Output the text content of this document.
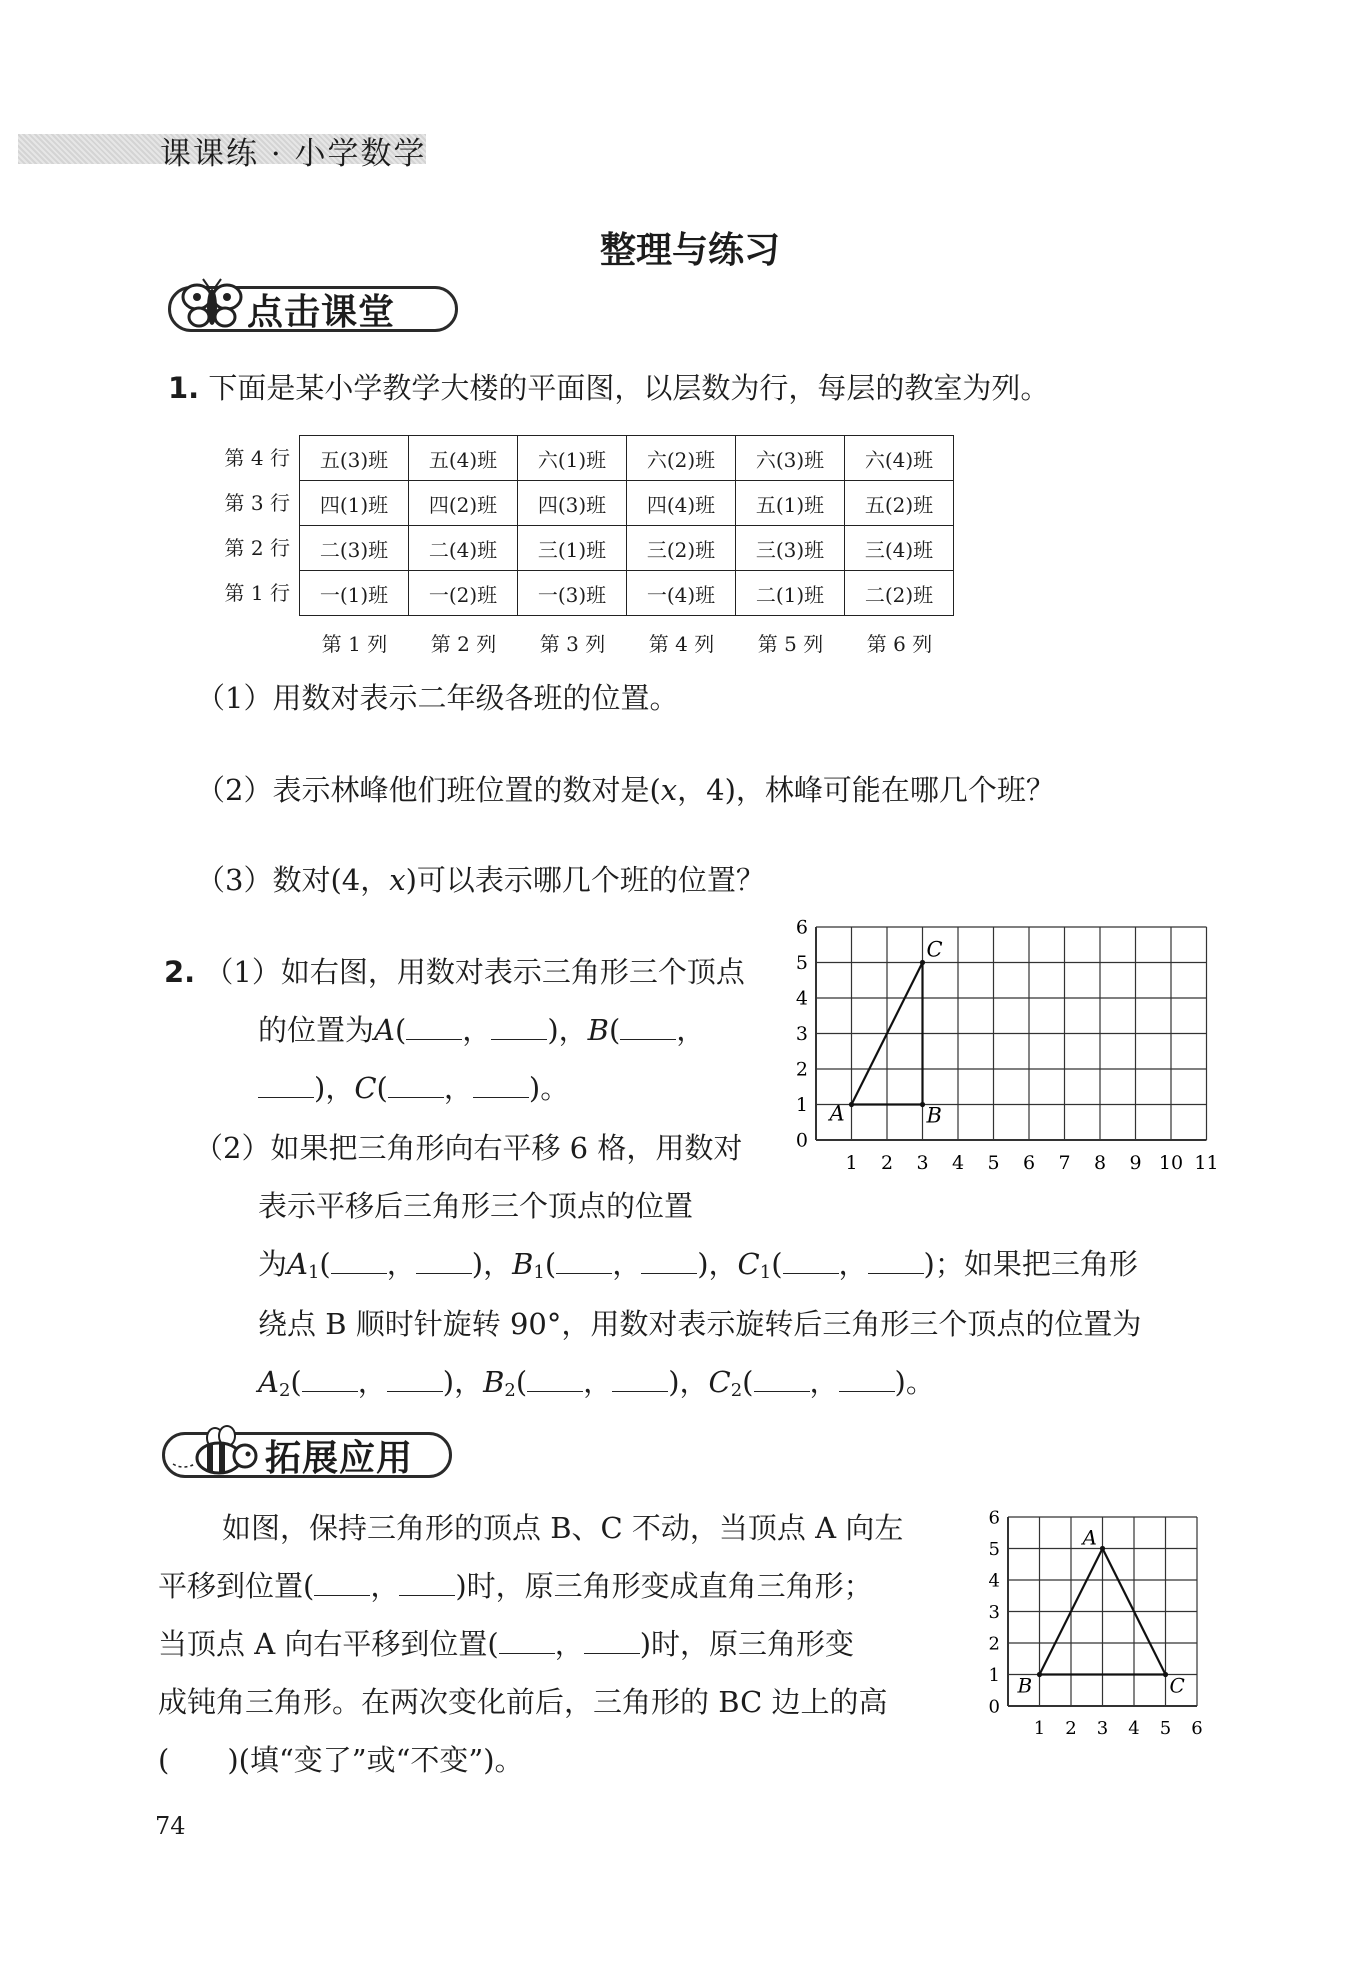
课课练 · 小学数学
整理与练习
点击课堂
1. 下面是某小学教学大楼的平面图，以层数为行，每层的教室为列。
第 4 行
第 3 行
第 2 行
第 1 行
五(3)班	五(4)班	六(1)班	六(2)班	六(3)班	六(4)班
四(1)班	四(2)班	四(3)班	四(4)班	五(1)班	五(2)班
二(3)班	二(4)班	三(1)班	三(2)班	三(3)班	三(4)班
一(1)班	一(2)班	一(3)班	一(4)班	二(1)班	二(2)班
第 1 列	第 2 列	第 3 列	第 4 列	第 5 列	第 6 列
（1）用数对表示二年级各班的位置。
（2）表示林峰他们班位置的数对是(x，4)，林峰可能在哪几个班？
（3）数对(4，x)可以表示哪几个班的位置？
2. （1）如右图，用数对表示三角形三个顶点
的位置为A( ， )，B( ，
)，C( ， )。
（2）如果把三角形向右平移 6 格，用数对
表示平移后三角形三个顶点的位置
为$A_1$( ， )，$B_1$( ， )，$C_1$( ， )；如果把三角形
绕点 B 顺时针旋转 90°，用数对表示旋转后三角形三个顶点的位置为
$A_2$( ， )，$B_2$( ， )，$C_2$( ， )。
1 2 3 4 5 6 7 8 9 10 11
0
1
2
3
4
5
6
A	B
C
拓展应用
如图，保持三角形的顶点 B、C 不动，当顶点 A 向左
平移到位置( ， )时，原三角形变成直角三角形；
当顶点 A 向右平移到位置( ， )时，原三角形变
成钝角三角形。在两次变化前后，三角形的 BC 边上的高
(　　)(填“变了”或“不变”)。
1 2 3 4 5 6
0
1
2
3
4
5
6
A
B	C
74
